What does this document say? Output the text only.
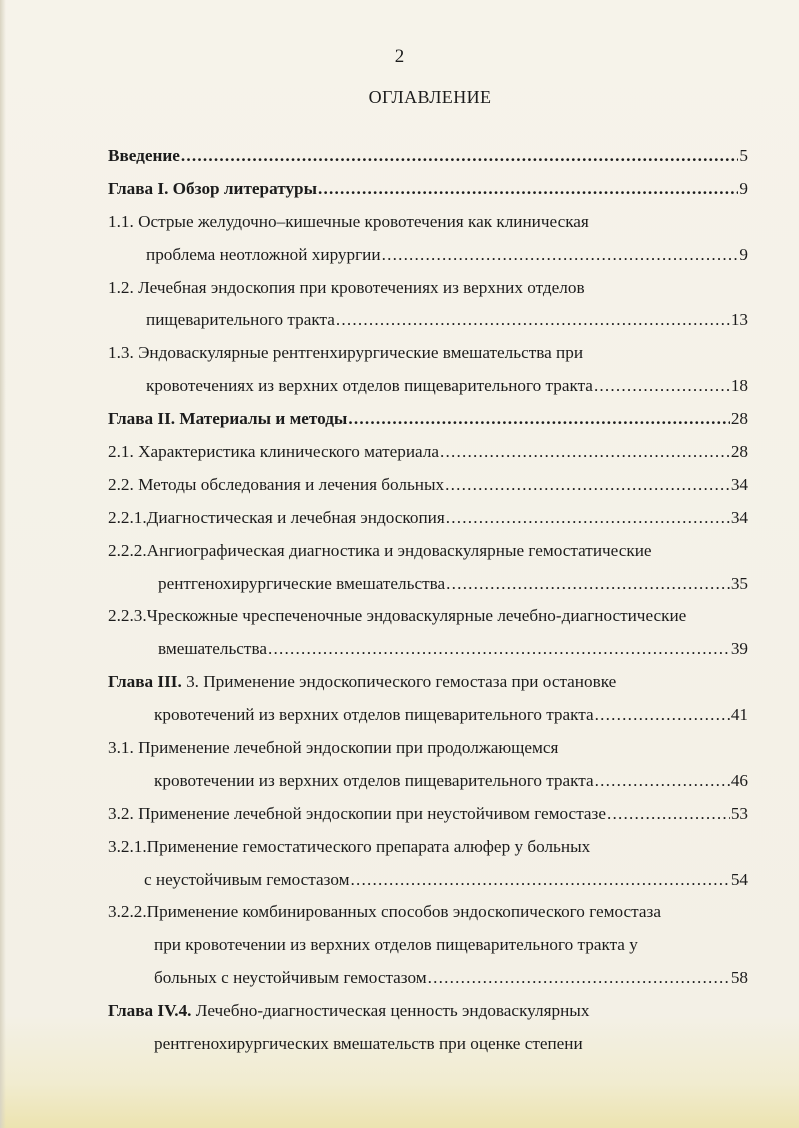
2
ОГЛАВЛЕНИЕ
Введение .....	5
Глава I. Обзор литературы .....	9
1.1. Острые желудочно–кишечные кровотечения как клиническая
проблема неотложной хирургии .....	9
1.2. Лечебная эндоскопия при кровотечениях из верхних отделов
пищеварительного тракта .....	13
1.3. Эндоваскулярные рентгенхирургические вмешательства при
кровотечениях из верхних отделов пищеварительного тракта .....	18
Глава II. Материалы и методы .....	28
2.1. Характеристика клинического материала .....	28
2.2. Методы обследования и лечения больных .....	34
2.2.1.Диагностическая и лечебная эндоскопия .....	34
2.2.2.Ангиографическая диагностика и эндоваскулярные гемостатические
рентгенохирургические вмешательства .....	35
2.2.3.Чрескожные чреспеченочные эндоваскулярные лечебно-диагностические
вмешательства .....	39
Глава III. 3. Применение эндоскопического гемостаза при остановке
кровотечений из верхних отделов пищеварительного тракта .....	41
3.1. Применение лечебной эндоскопии при продолжающемся
кровотечении из верхних отделов пищеварительного тракта .....	46
3.2. Применение лечебной эндоскопии при неустойчивом гемостазе .....	53
3.2.1.Применение гемостатического препарата алюфер у больных
с неустойчивым гемостазом .....	54
3.2.2.Применение комбинированных способов эндоскопического гемостаза
при кровотечении из верхних отделов пищеварительного тракта у
больных с неустойчивым гемостазом .....	58
Глава IV.4. Лечебно-диагностическая ценность эндоваскулярных
рентгенохирургических вмешательств при оценке степени
